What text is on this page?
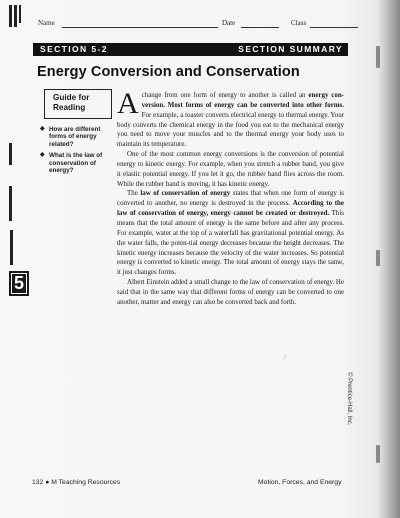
Name	Date	Class
SECTION 5-2	SECTION SUMMARY
Energy Conversion and Conservation
Guide for
Reading
◆ How are different forms of energy related?
◆ What is the law of conservation of energy?

A change from one form of energy to another is called an energy con-version. Most forms of energy can be converted into other forms. For example, a toaster converts electrical energy to thermal energy. Your body converts the chemical energy in the food you eat to the mechanical energy you need to move your muscles and to the thermal energy your body uses to maintain its temperature.

One of the most common energy conversions is the conversion of potential energy to kinetic energy. For example, when you stretch a rubber band, you give it elastic potential energy. If you let it go, the rubber band flies across the room. While the rubber band is moving, it has kinetic energy.

The law of conservation of energy states that when one form of energy is converted to another, no energy is destroyed in the process. According to the law of conservation of energy, energy cannot be created or destroyed. This means that the total amount of energy is the same before and after any process. For example, water at the top of a waterfall has gravitational potential energy. As the water falls, the poten-tial energy decreases because the height decreases. The kinetic energy increases because the velocity of the water increases. So potential energy is converted to kinetic energy. The total amount of energy stays the same, it just changes forms.

Albert Einstein added a small change to the law of conservation of energy. He said that in the same way that different forms of energy can be converted to one another, matter and energy can also be converted back and forth.

/
© Prentice-Hall, Inc.
5
132 ● M Teaching Resources	Motion, Forces, and Energy
